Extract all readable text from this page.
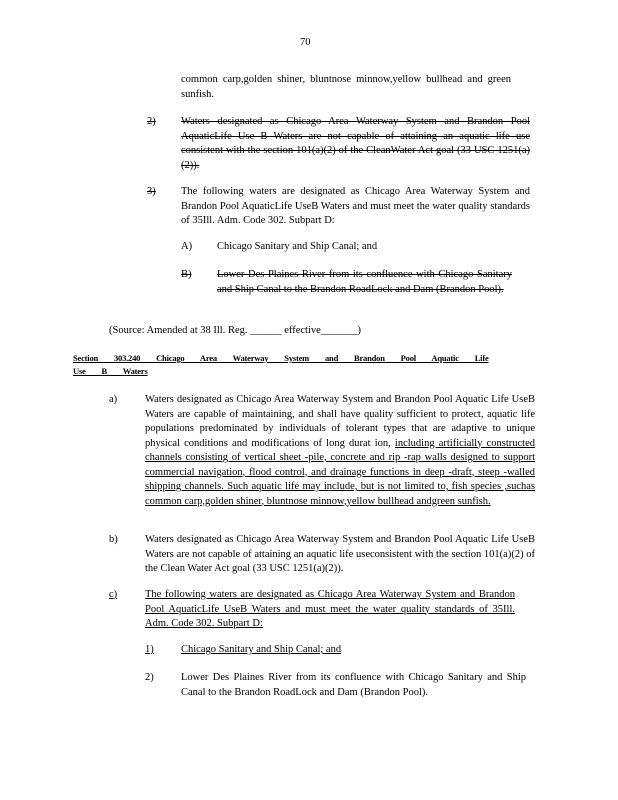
70
common carp,golden shiner, bluntnose minnow,yellow bullhead and green sunfish.
2) Waters designated as Chicago Area Waterway System and Brandon Pool AquaticLife Use B Waters are not capable of attaining an aquatic life use consistent with the section 101(a)(2) of the CleanWater Act goal (33 USC 1251(a)(2)).
3) The following waters are designated as Chicago Area Waterway System and Brandon Pool AquaticLife UseB Waters and must meet the water quality standards of 35Ill. Adm. Code 302. Subpart D:
A) Chicago Sanitary and Ship Canal; and
B) Lower Des Plaines River from its confluence with Chicago Sanitary and Ship Canal to the Brandon RoadLock and Dam (Brandon Pool).
(Source: Amended at 38 Ill. Reg. ______ effective_______)
Section 303.240 Chicago Area Waterway System and Brandon Pool Aquatic Life Use B Waters
a)	Waters designated as Chicago Area Waterway System and Brandon Pool Aquatic Life UseB Waters are capable of maintaining, and shall have quality sufficient to protect, aquatic life populations predominated by individuals of tolerant types that are adaptive to unique physical conditions and modifications of long durat ion, including artificially constructed channels consisting of vertical sheet -pile, concrete and rip -rap walls designed to support commercial navigation, flood control, and drainage functions in deep -draft, steep -walled shipping channels. Such aquatic life may include, but is not limited to, fish species ,suchas common carp,golden shiner, bluntnose minnow,yellow bullhead andgreen sunfish.
b)	Waters designated as Chicago Area Waterway System and Brandon Pool Aquatic Life UseB Waters are not capable of attaining an aquatic life useconsistent with the section 101(a)(2) of the Clean Water Act goal (33 USC 1251(a)(2)).
c)	The following waters are designated as Chicago Area Waterway System and Brandon Pool AquaticLife UseB Waters and must meet the water quality standards of 35Ill. Adm. Code 302. Subpart D:
1)	Chicago Sanitary and Ship Canal; and
2)	Lower Des Plaines River from its confluence with Chicago Sanitary and Ship Canal to the Brandon RoadLock and Dam (Brandon Pool).
